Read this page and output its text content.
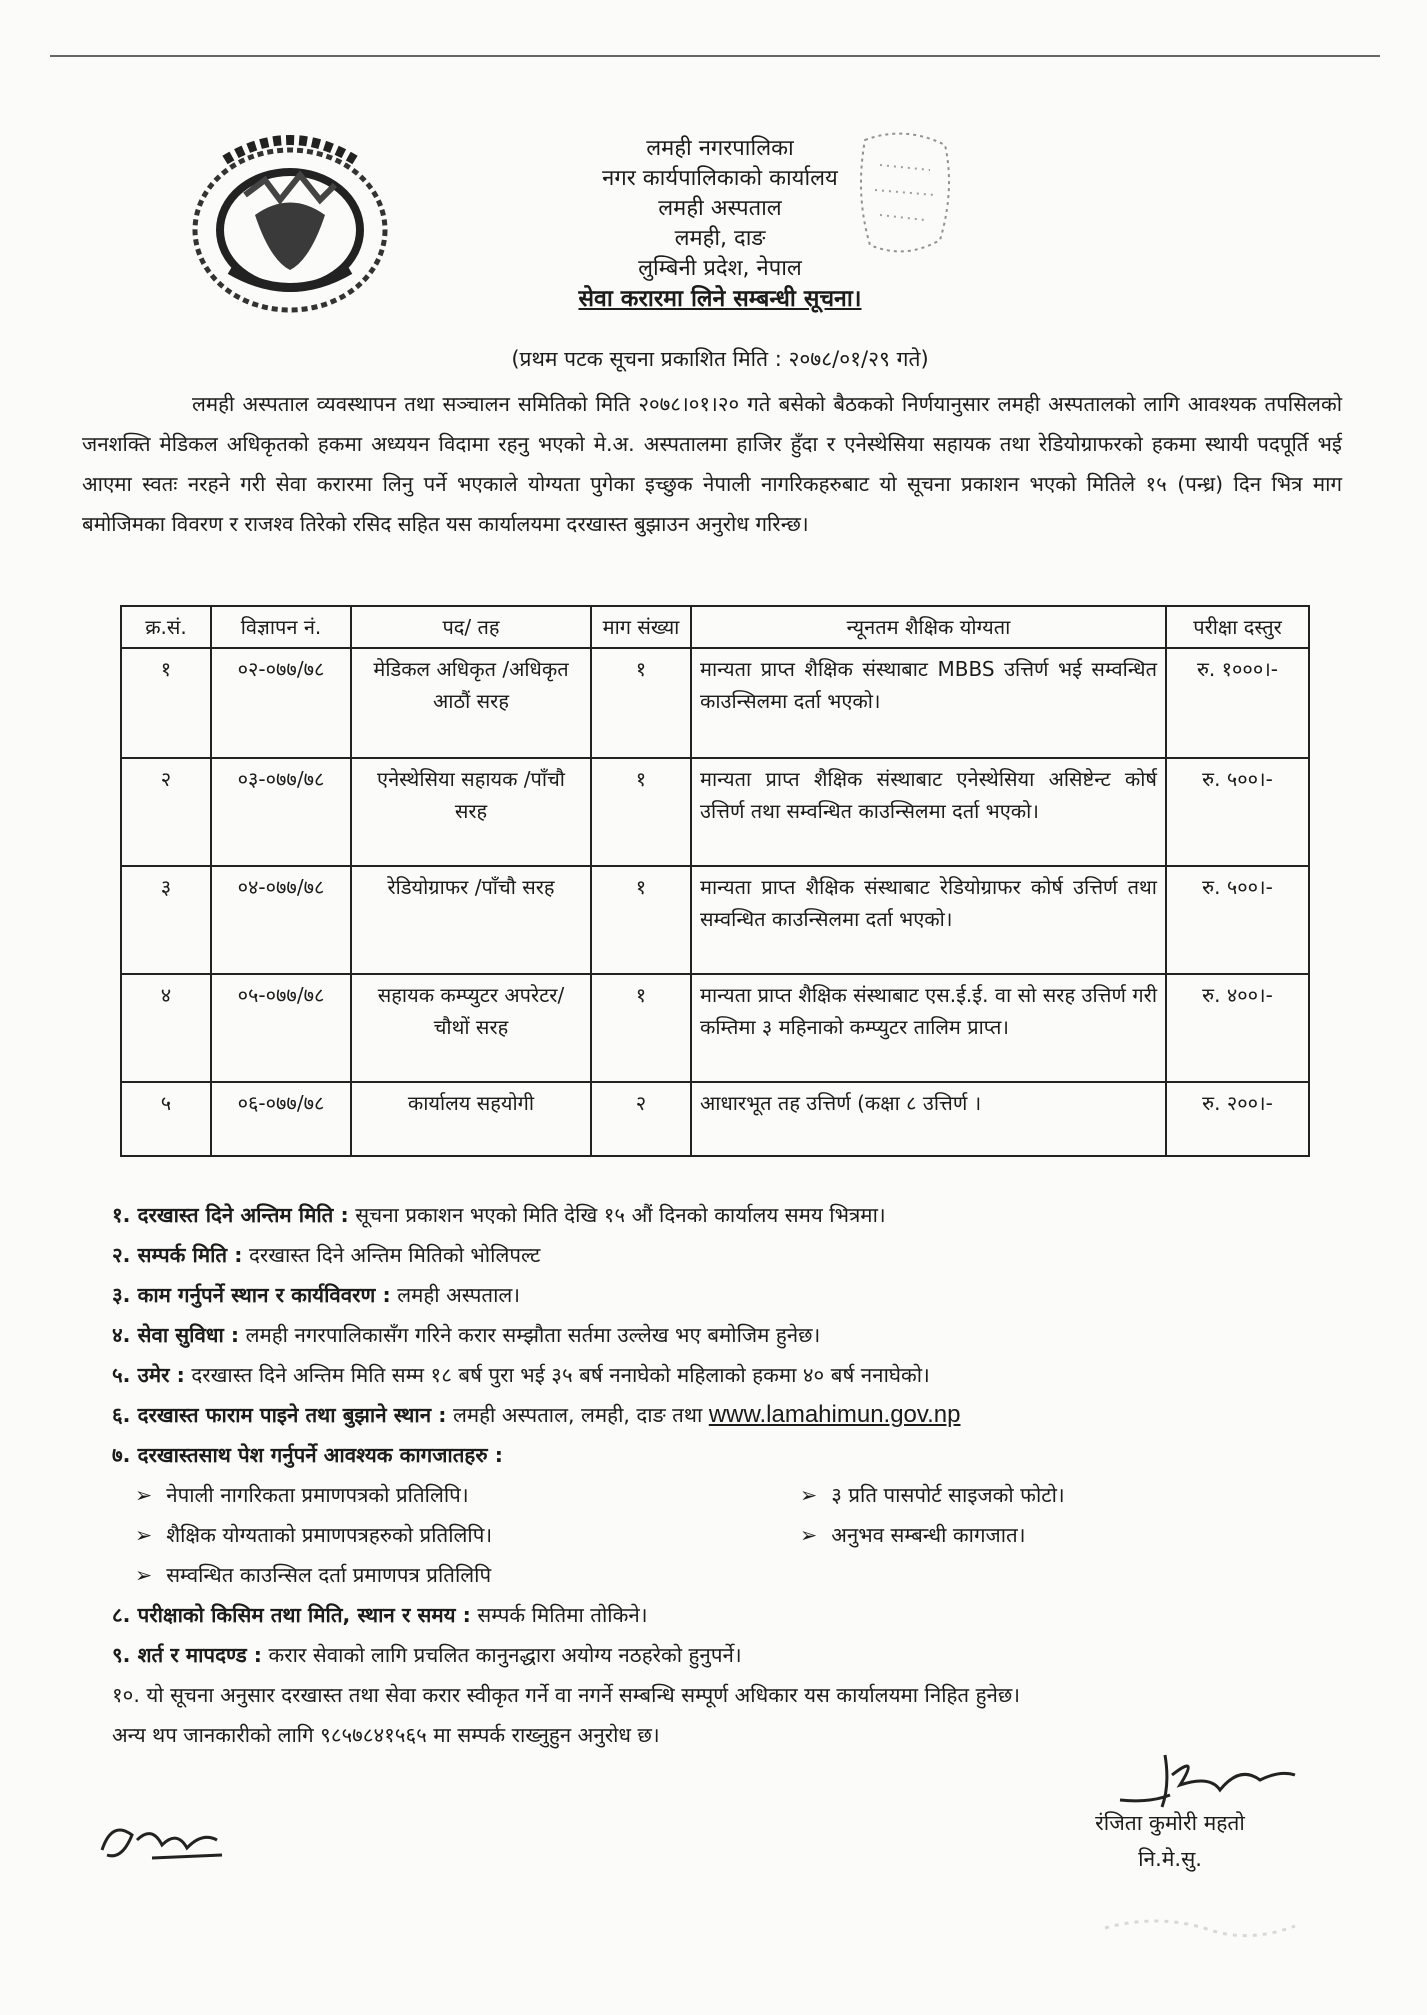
लमही नगरपालिका
नगर कार्यपालिकाको कार्यालय
लमही अस्पताल
लमही, दाङ
लुम्बिनी प्रदेश, नेपाल
सेवा करारमा लिने सम्बन्धी सूचना।
(प्रथम पटक सूचना प्रकाशित मिति : २०७८/०१/२९ गते)
लमही अस्पताल व्यवस्थापन तथा सञ्चालन समितिको मिति २०७८।०१।२० गते बसेको बैठकको निर्णयानुसार लमही अस्पतालको लागि आवश्यक तपसिलको जनशक्ति मेडिकल अधिकृतको हकमा अध्ययन विदामा रहनु भएको मे.अ. अस्पतालमा हाजिर हुँदा र एनेस्थेसिया सहायक तथा रेडियोग्राफरको हकमा स्थायी पदपूर्ति भई आएमा स्वतः नरहने गरी सेवा करारमा लिनु पर्ने भएकाले योग्यता पुगेका इच्छुक नेपाली नागरिकहरुबाट यो सूचना प्रकाशन भएको मितिले १५ (पन्ध्र) दिन भित्र माग बमोजिमका विवरण र राजश्व तिरेको रसिद सहित यस कार्यालयमा दरखास्त बुझाउन अनुरोध गरिन्छ।
क्र.सं.	विज्ञापन नं.	पद/ तह	माग संख्या	न्यूनतम शैक्षिक योग्यता	परीक्षा दस्तुर
१	०२-०७७/७८	मेडिकल अधिकृत /अधिकृत आठौं सरह	१	मान्यता प्राप्त शैक्षिक संस्थाबाट MBBS उत्तिर्ण भई सम्वन्धित काउन्सिलमा दर्ता भएको।	रु. १०००।-
२	०३-०७७/७८	एनेस्थेसिया सहायक /पाँचौ सरह	१	मान्यता प्राप्त शैक्षिक संस्थाबाट एनेस्थेसिया असिष्टेन्ट कोर्ष उत्तिर्ण तथा सम्वन्धित काउन्सिलमा दर्ता भएको।	रु. ५००।-
३	०४-०७७/७८	रेडियोग्राफर /पाँचौ सरह	१	मान्यता प्राप्त शैक्षिक संस्थाबाट रेडियोग्राफर कोर्ष उत्तिर्ण तथा सम्वन्धित काउन्सिलमा दर्ता भएको।	रु. ५००।-
४	०५-०७७/७८	सहायक कम्प्युटर अपरेटर/चौथों सरह	१	मान्यता प्राप्त शैक्षिक संस्थाबाट एस.ई.ई. वा सो सरह उत्तिर्ण गरी कम्तिमा ३ महिनाको कम्प्युटर तालिम प्राप्त।	रु. ४००।-
५	०६-०७७/७८	कार्यालय सहयोगी	२	आधारभूत तह उत्तिर्ण (कक्षा ८ उत्तिर्ण ।	रु. २००।-
१. दरखास्त दिने अन्तिम मिति : सूचना प्रकाशन भएको मिति देखि १५ औं दिनको कार्यालय समय भित्रमा।
२. सम्पर्क मिति : दरखास्त दिने अन्तिम मितिको भोलिपल्ट
३. काम गर्नुपर्ने स्थान र कार्यविवरण : लमही अस्पताल।
४. सेवा सुविधा : लमही नगरपालिकासँग गरिने करार सम्झौता सर्तमा उल्लेख भए बमोजिम हुनेछ।
५. उमेर : दरखास्त दिने अन्तिम मिति सम्म १८ बर्ष पुरा भई ३५ बर्ष ननाघेको महिलाको हकमा ४० बर्ष ननाघेको।
६. दरखास्त फाराम पाइने तथा बुझाने स्थान : लमही अस्पताल, लमही, दाङ तथा www.lamahimun.gov.np
७. दरखास्तसाथ पेश गर्नुपर्ने आवश्यक कागजातहरु :
➢ नेपाली नागरिकता प्रमाणपत्रको प्रतिलिपि।	➢ ३ प्रति पासपोर्ट साइजको फोटो।
➢ शैक्षिक योग्यताको प्रमाणपत्रहरुको प्रतिलिपि।	➢ अनुभव सम्बन्धी कागजात।
➢ सम्वन्धित काउन्सिल दर्ता प्रमाणपत्र प्रतिलिपि
८. परीक्षाको किसिम तथा मिति, स्थान र समय : सम्पर्क मितिमा तोकिने।
९. शर्त र मापदण्ड : करार सेवाको लागि प्रचलित कानुनद्धारा अयोग्य नठहरेको हुनुपर्ने।
१०. यो सूचना अनुसार दरखास्त तथा सेवा करार स्वीकृत गर्ने वा नगर्ने सम्बन्धि सम्पूर्ण अधिकार यस कार्यालयमा निहित हुनेछ।
अन्य थप जानकारीको लागि ९८५७८४१५६५ मा सम्पर्क राख्नुहुन अनुरोध छ।
रंजिता कुमोरी महतो
नि.मे.सु.
